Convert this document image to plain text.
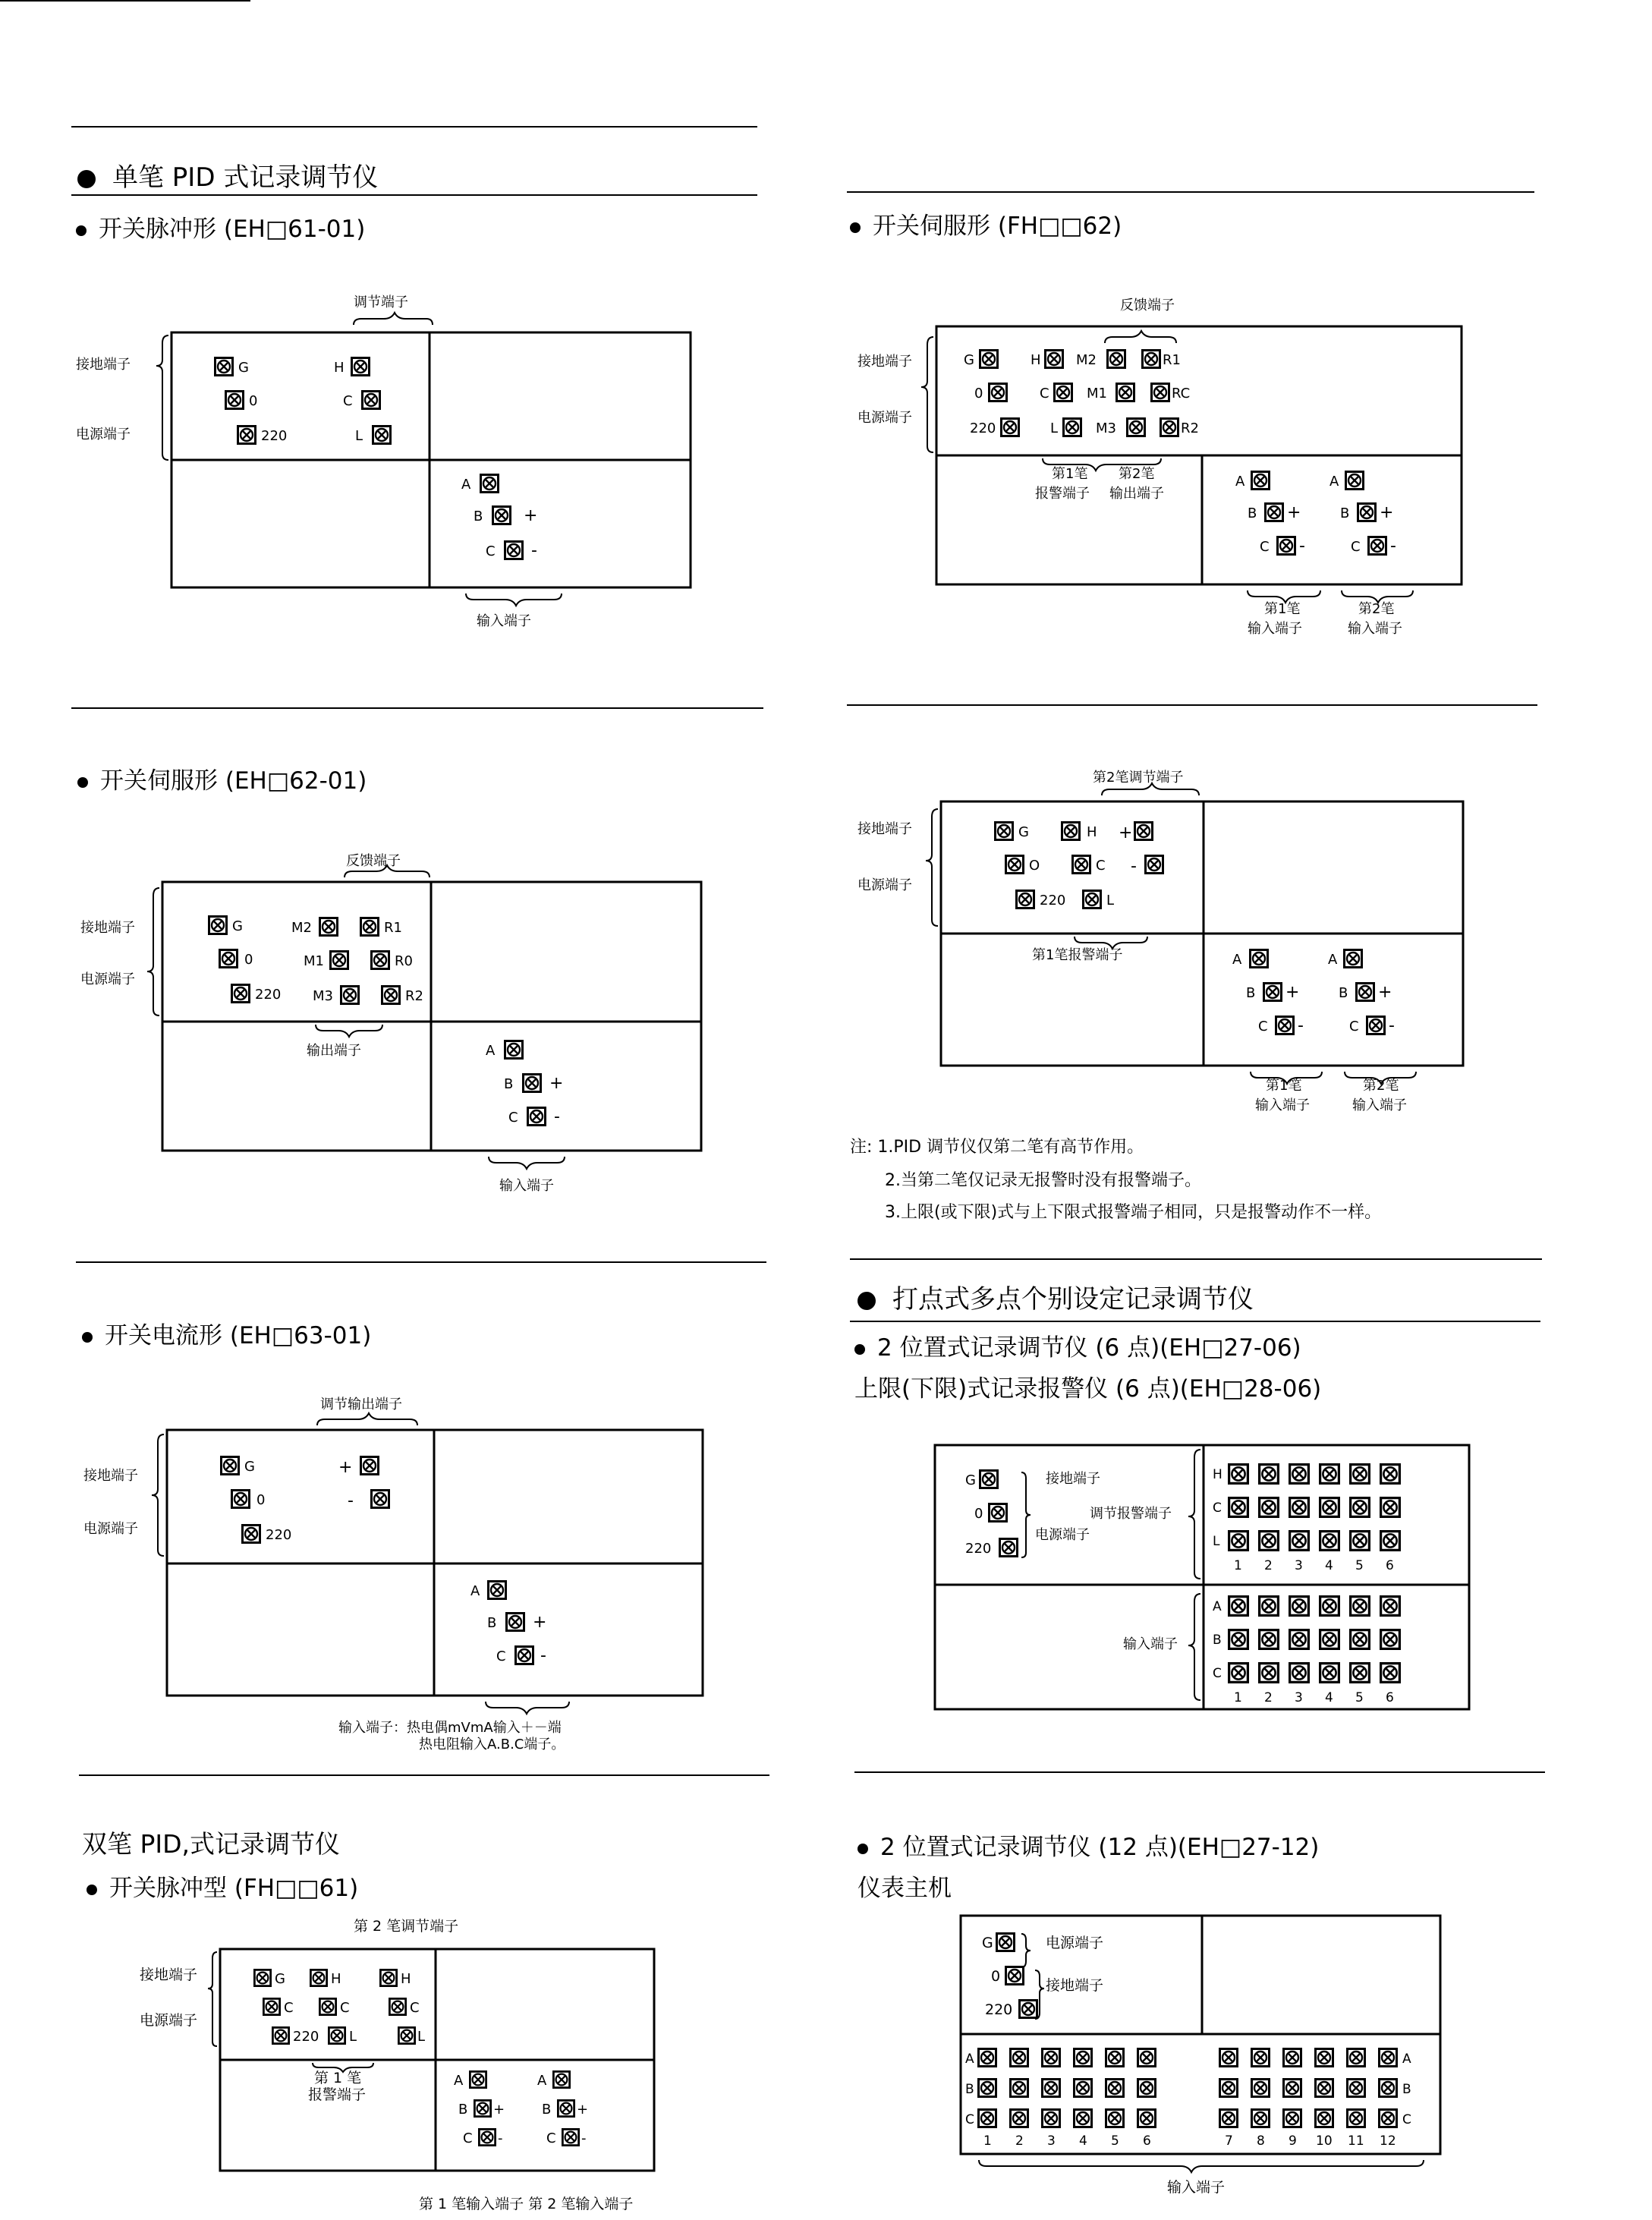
单笔 PID 式记录调节仪
开关脉冲形 (EH□61-01)
开关伺服形 (EH□62-01)
开关电流形 (EH□63-01)
双笔 PID,式记录调节仪
开关脉冲型 (FH□□61)
开关伺服形 (FH□□62)
打点式多点个别设定记录调节仪
2 位置式记录调节仪 (6 点)(EH□27-06)
上限(下限)式记录报警仪 (6 点)(EH□28-06)
2 位置式记录调节仪 (12 点)(EH□27-12)
仪表主机
注: 1.PID 调节仪仅第二笔有高节作用。
2.当第二笔仅记录无报警时没有报警端子。
3.上限(或下限)式与上下限式报警端子相同，只是报警动作不一样。
调节端子
接地端子
电源端子
输入端子
G
0
220
H
C
L
A
B
C
+
-
反馈端子
接地端子
电源端子
输出端子
输入端子
G
0
220
M2
M1
M3
R1
R0
R2
A
B
C
+
-
调节输出端子
接地端子
电源端子
输入端子：热电偶mVmA输入＋－端
热电阻输入A.B.C端子。
G
0
220
+
-
A
B
C
+
-
第 2 笔调节端子
接地端子
电源端子
第 1 笔
报警端子
第 1 笔输入端子 第 2 笔输入端子
G
C
220
H
C
L
H
C
L
A
B
C
+
-
A
B
C
+
-
反馈端子
接地端子
电源端子
第1笔
报警端子
第2笔
输出端子
第1笔
输入端子
第2笔
输入端子
G
0
220
H
C
L
M2
M1
M3
R1
RC
R2
A
B
C
+
-
A
B
C
+
-
第2笔调节端子
接地端子
电源端子
第1笔报警端子
第1笔
输入端子
第2笔
输入端子
G
O
220
H
C
L
+
-
A
B
C
+
-
A
B
C
+
-
接地端子
电源端子
调节报警端子
输入端子
G
0
220
H
C
L
1 2 3 4 5 6
A
B
C
1 2 3 4 5 6
电源端子
接地端子
输入端子
G
0
220
A	A
B	B
C	C
1 2 3 4 5 6	7 8 9 10 11 12
